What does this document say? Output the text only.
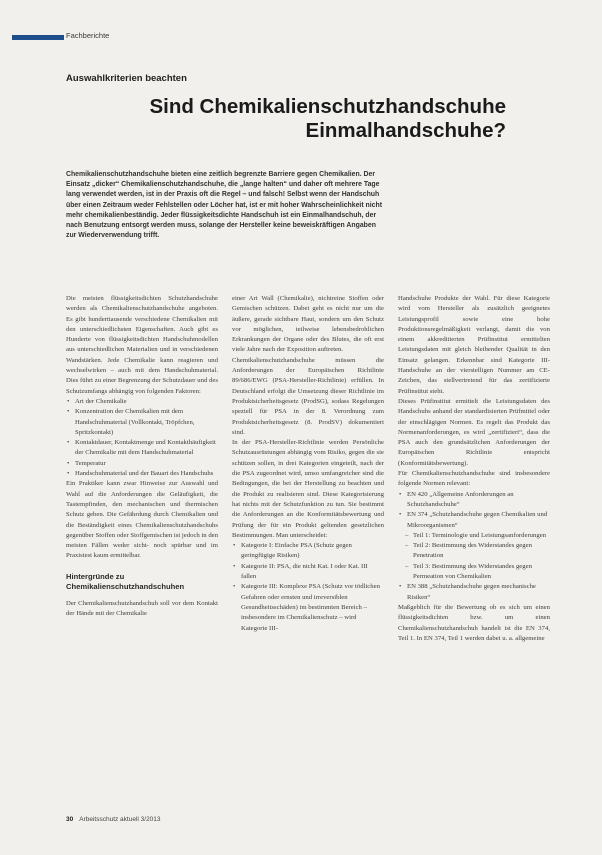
Fachberichte
Auswahlkriterien beachten
Sind Chemikalienschutzhandschuhe
Einmalhandschuhe?
Chemikalienschutzhandschuhe bieten eine zeitlich begrenzte Barriere gegen Chemikalien. Der Einsatz „dicker“ Chemikalienschutzhandschuhe, die „lange halten“ und daher oft mehrere Tage lang verwendet werden, ist in der Praxis oft die Regel – und falsch! Selbst wenn der Handschuh über einen Zeitraum weder Fehlstellen oder Löcher hat, ist er mit hoher Wahrscheinlichkeit nicht mehr chemikalienbeständig. Jeder flüssigkeitsdichte Handschuh ist ein Einmalhandschuh, der nach Benutzung entsorgt werden muss, solange der Hersteller keine beweiskräftigen Angaben zur Wiederverwendung trifft.

Die meisten flüssigkeitsdichten Schutzhandschuhe werden als Chemikalienschutzhandschuhe angeboten. Es gibt hunderttausende verschiedene Chemikalien mit den unterschiedlichsten Eigenschaften. Auch gibt es Hunderte von flüssigkeitsdichten Handschuhmodellen aus unterschiedlichen Materialien und in verschiedenen Wandstärken. Jede Chemikalie kann reagieren und wechselwirken – auch mit dem Handschuhmaterial. Dies führt zu einer Begrenzung der Schutzdauer und des Schutzumfangs abhängig von folgenden Faktoren:

• Art der Chemikalie
• Konzentration der Chemikalien mit dem Handschuhmaterial (Vollkontakt, Tröpfchen, Spritzkontakt)
• Kontaktdauer, Kontaktmenge und Kontakthäufigkeit der Chemikalie mit dem Handschuhmaterial
• Temperatur
• Handschuhmaterial und der Bauart des Handschuhs

Ein Praktiker kann zwar Hinweise zur Auswahl und Wahl auf die Anforderungen die Geläufigkeit, die Tastempfinden, den mechanischen und thermischen Schutz geben. Die Gefährdung durch Chemikalien und die Beständigkeit eines Chemikalienschutzhandschuhs gegenüber Stoffen oder Stoffgemischen ist jedoch in den meisten Fällen weder sicht- noch spürbar und im Praxistest kaum ermittelbar.

Hintergründe zu Chemikalienschutzhandschuhen

Der Chemikalienschutzhandschuh soll vor dem Kontakt der Hände mit der Chemikalie

einer Art Wall (Chemikalie), nichtreine Stoffen oder Gemischen schützen. Dabei geht es nicht nur um die äußere, gerade sichtbare Haut, sondern um den Schutz vor möglichen, teilweise lebensbedrohlichen Erkrankungen der Organe oder des Blutes, die oft erst viele Jahre nach der Exposition auftreten.

Chemikalienschutzhandschuhe müssen die Anforderungen der Europäischen Richtlinie 89/686/EWG (PSA-Hersteller-Richtlinie) erfüllen. In Deutschland erfolgt die Umsetzung dieser Richtlinie im Produktsicherheitsgesetz (ProdSG), sodass Regelungen speziell für PSA in der 8. Verordnung zum Produktsicherheitsgesetz (8. ProdSV) dokumentiert sind.

In der PSA-Hersteller-Richtlinie werden Persönliche Schutzausrüstungen abhängig vom Risiko, gegen die sie schützen sollen, in drei Kategorien eingeteilt, nach der die PSA zugeordnet wird, umso umfangreicher sind die Bedingungen, die bei der Herstellung zu beachten und die Produkt zu realisieren sind. Diese Kategorisierung hat nichts mit der Schutzfunktion zu tun. Sie bestimmt die Anforderungen an die Konformitätsbewertung und Prüfung der für ein Produkt geltenden gesetzlichen Bestimmungen. Man unterscheidet:

• Kategorie I: Einfache PSA (Schutz gegen geringfügige Risiken)
• Kategorie II: PSA, die nicht Kat. I oder Kat. III fallen
• Kategorie III: Komplexe PSA (Schutz vor tödlichen Gefahren oder ernsten und irreversiblen Gesundheitsschäden) im bestimmten Bereich – insbesondere im Chemikalienschutz – wird Kategorie III-

Handschuhe Produkte der Wahl. Für diese Kategorie wird vom Hersteller als zusätzlich geeignetes Leistungsprofil sowie eine hohe Produktionsregelmäßigkeit verlangt, damit die von einem akkreditierten Prüfinstitut ermittelten Leistungsdaten mit gleich bleibender Qualität in den Einsatz gelangen. Erkennbar sind Kategorie III-Handschuhe an der vierstelligen Nummer am CE-Zeichen, das stellvertretend für das zertifizierte Prüfinstitut steht.

Dieses Prüfinstitut ermittelt die Leistungsdaten des Handschuhs anhand der standardisierten Prüfmittel oder der einschlägigen Normen. Es regelt das Produkt das Normenanforderungen, es wird „zertifiziert“, dass die PSA auch den grundsätzlichen Anforderungen der Europäischen Richtlinie entspricht (Konformitätsbewertung).

Für Chemikalienschutzhandschuhe sind insbesondere folgende Normen relevant:

• EN 420 „Allgemeine Anforderungen an Schutzhandschuhe“
• EN 374 „Schutzhandschuhe gegen Chemikalien und Mikroorganismen“
– Teil 1: Terminologie und Leistungsanforderungen
– Teil 2: Bestimmung des Widerstandes gegen Penetration
– Teil 3: Bestimmung des Widerstandes gegen Permeation von Chemikalien
• EN 388 „Schutzhandschuhe gegen mechanische Risiken“

Maßgeblich für die Bewertung ob es sich um einen flüssigkeitsdichten bzw. um einen Chemikalienschutzhandschuh handelt ist die EN 374, Teil 1. In EN 374, Teil 1 werden dabei u. a. allgemeine

30 Arbeitsschutz aktuell 3/2013
